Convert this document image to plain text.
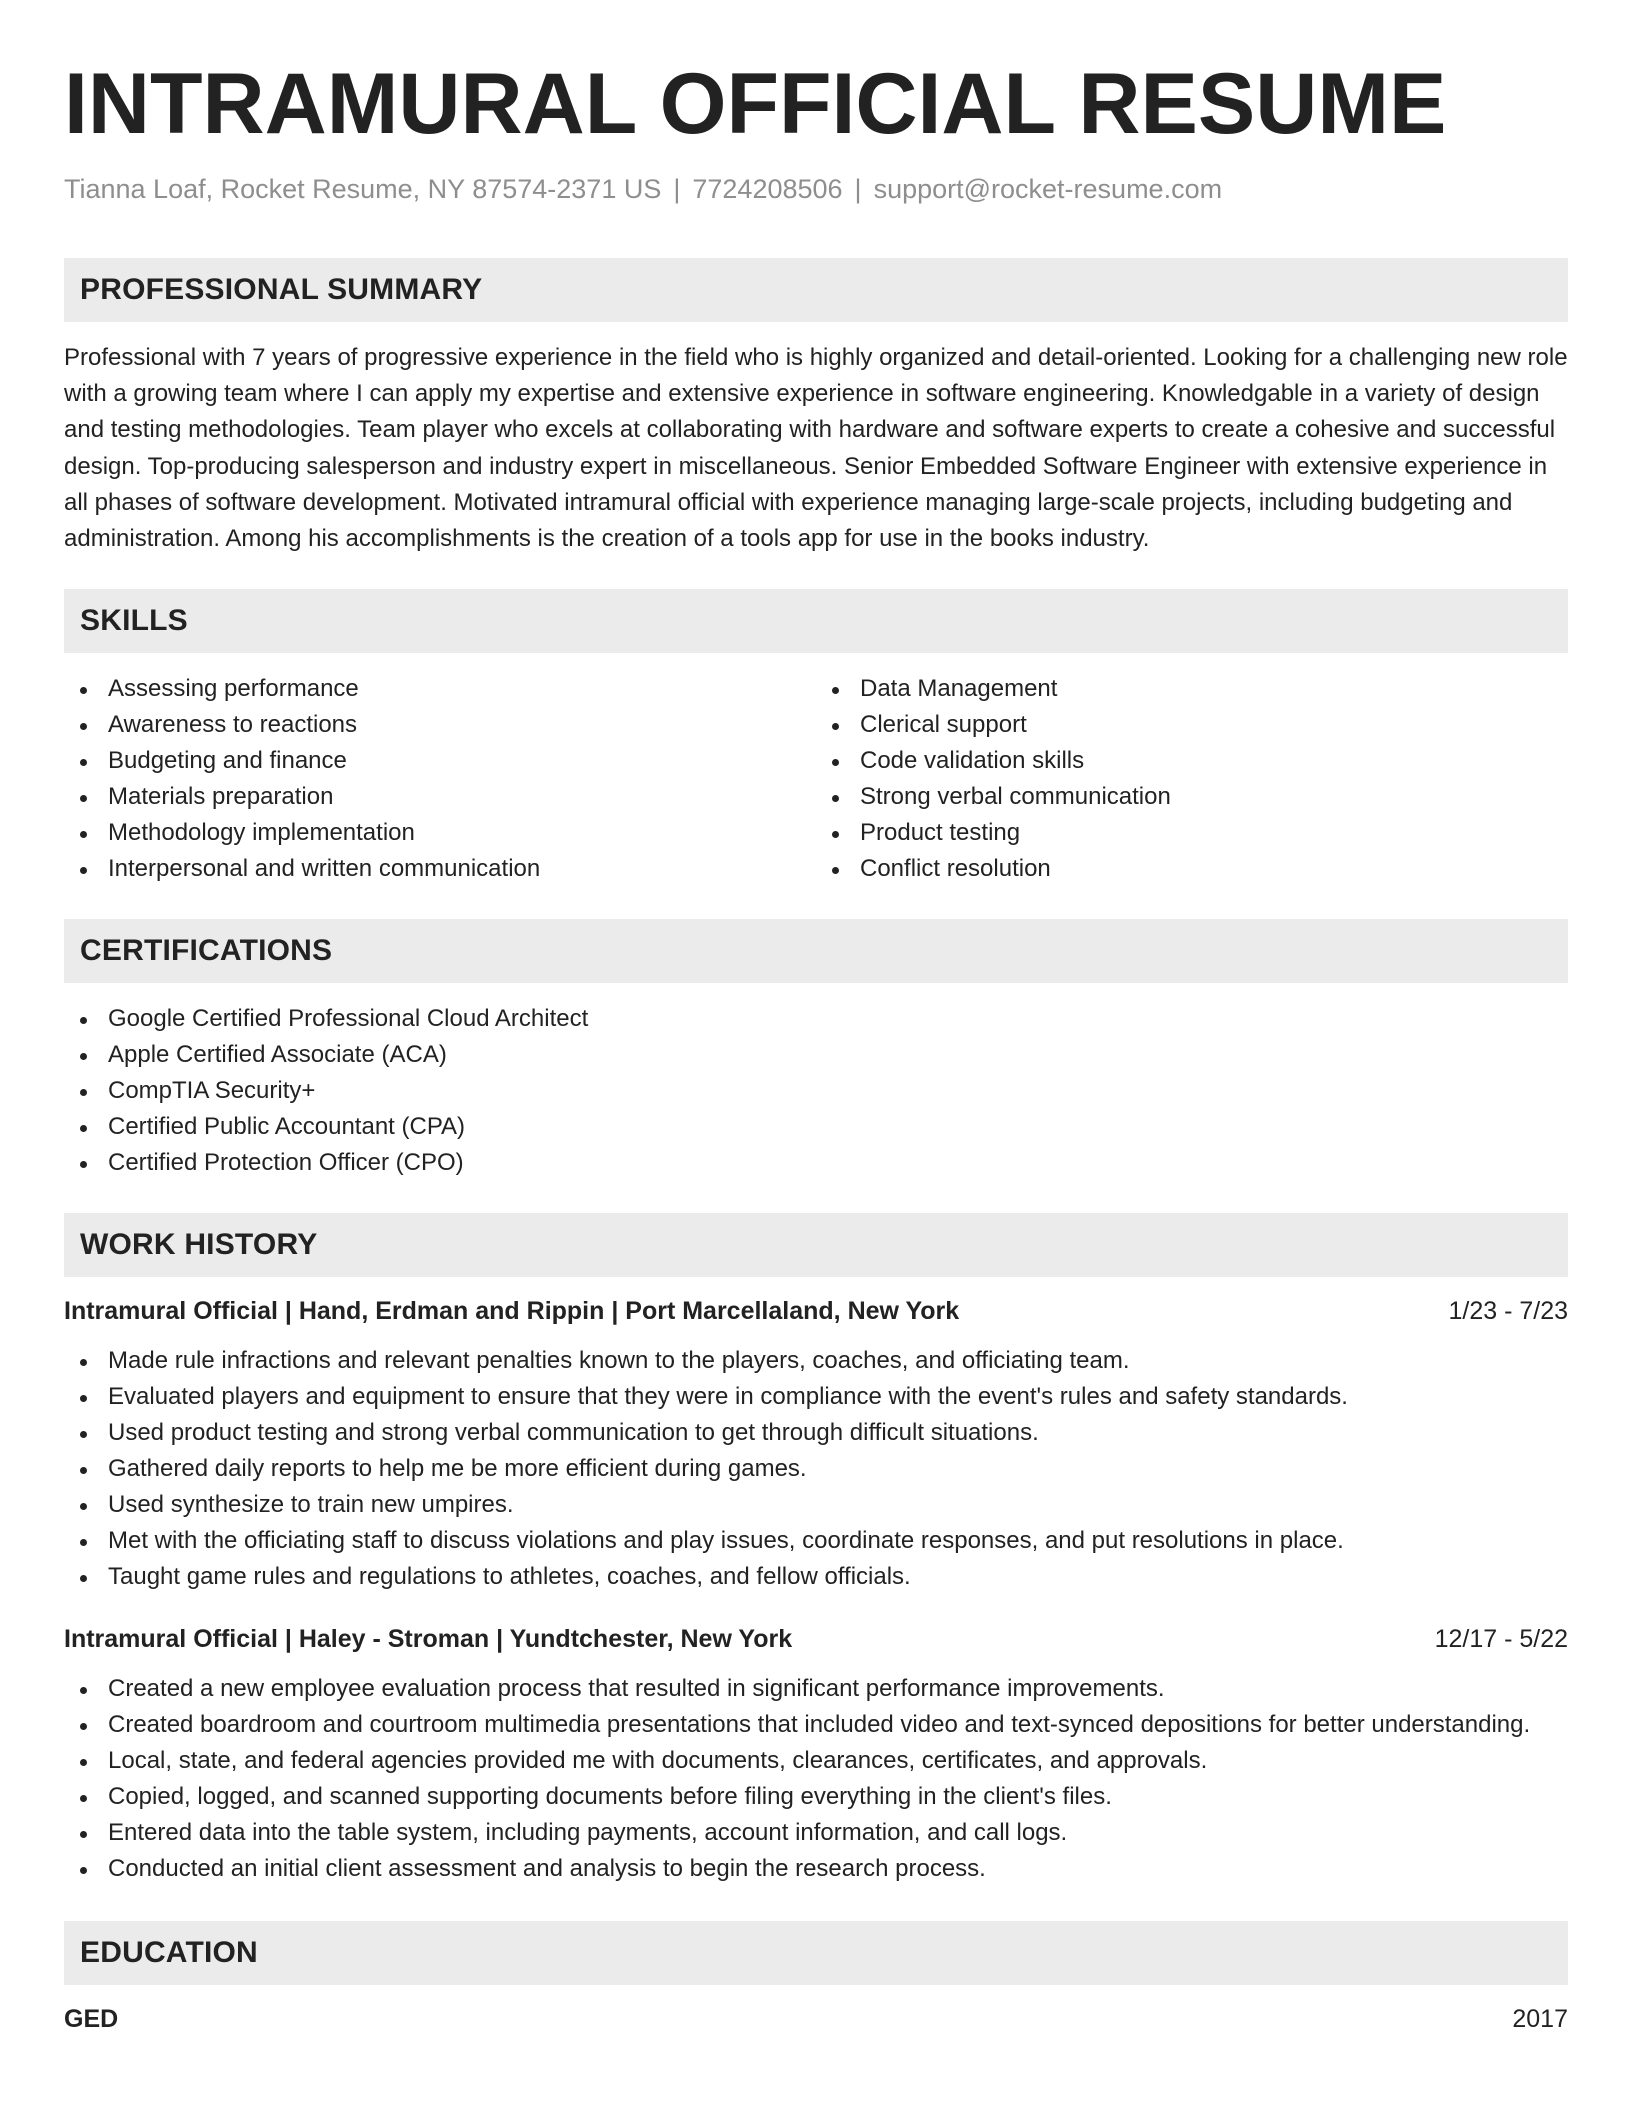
INTRAMURAL OFFICIAL RESUME
Tianna Loaf, Rocket Resume, NY 87574-2371 US | 7724208506 | support@rocket-resume.com
PROFESSIONAL SUMMARY

Professional with 7 years of progressive experience in the field who is highly organized and detail-oriented. Looking for a challenging new role with a growing team where I can apply my expertise and extensive experience in software engineering. Knowledgable in a variety of design and testing methodologies. Team player who excels at collaborating with hardware and software experts to create a cohesive and successful design. Top-producing salesperson and industry expert in miscellaneous. Senior Embedded Software Engineer with extensive experience in all phases of software development. Motivated intramural official with experience managing large-scale projects, including budgeting and administration. Among his accomplishments is the creation of a tools app for use in the books industry.

SKILLS
Assessing performance
Awareness to reactions
Budgeting and finance
Materials preparation
Methodology implementation
Interpersonal and written communication
Data Management
Clerical support
Code validation skills
Strong verbal communication
Product testing
Conflict resolution
CERTIFICATIONS
Google Certified Professional Cloud Architect
Apple Certified Associate (ACA)
CompTIA Security+
Certified Public Accountant (CPA)
Certified Protection Officer (CPO)
WORK HISTORY
Intramural Official | Hand, Erdman and Rippin | Port Marcellaland, New York	1/23 - 7/23
Made rule infractions and relevant penalties known to the players, coaches, and officiating team.
Evaluated players and equipment to ensure that they were in compliance with the event's rules and safety standards.
Used product testing and strong verbal communication to get through difficult situations.
Gathered daily reports to help me be more efficient during games.
Used synthesize to train new umpires.
Met with the officiating staff to discuss violations and play issues, coordinate responses, and put resolutions in place.
Taught game rules and regulations to athletes, coaches, and fellow officials.
Intramural Official | Haley - Stroman | Yundtchester, New York	12/17 - 5/22
Created a new employee evaluation process that resulted in significant performance improvements.
Created boardroom and courtroom multimedia presentations that included video and text-synced depositions for better understanding.
Local, state, and federal agencies provided me with documents, clearances, certificates, and approvals.
Copied, logged, and scanned supporting documents before filing everything in the client's files.
Entered data into the table system, including payments, account information, and call logs.
Conducted an initial client assessment and analysis to begin the research process.
EDUCATION
GED	2017
